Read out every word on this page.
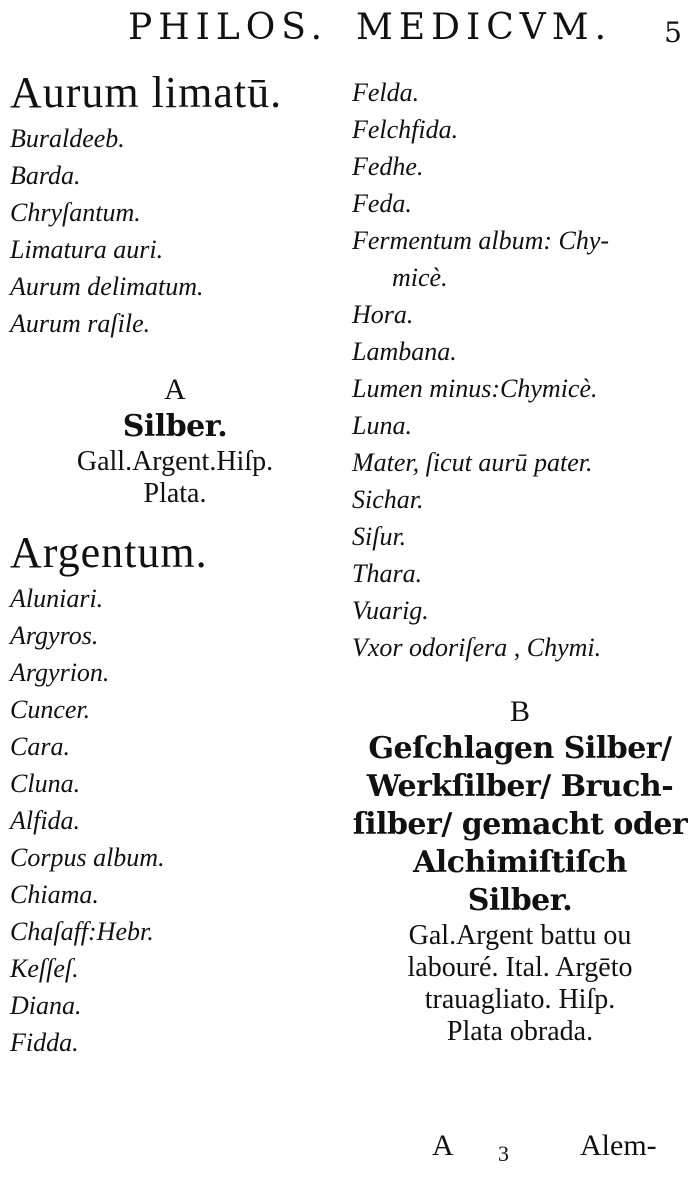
PHILOS. MEDICVM. 5
Aurum limatū.
Buraldeeb.
Barda.
Chryſantum.
Limatura auri.
Aurum delimatum.
Aurum raſile.
A
Silber.
Gall.Argent.Hiſp.
Plata.
Argentum.
Aluniari.
Argyros.
Argyrion.
Cuncer.
Cara.
Cluna.
Alfida.
Corpus album.
Chiama.
Chaſaff:Hebr.
Keſſeſ.
Diana.
Fidda.
Felda.
Felchfida.
Fedhe.
Feda.
Fermentum album: Chy-
micè.
Hora.
Lambana.
Lumen minus:Chymicè.
Luna.
Mater, ſicut aurū pater.
Sichar.
Siſur.
Thara.
Vuarig.
Vxor odoriſera , Chymi.
B
Geſchlagen Silber/
Werkſilber/ Bruch-
ſilber/ gemacht oder
Alchimiſtiſch
Silber.
Gal.Argent battu ou
labouré. Ital. Argēto
trauagliato. Hiſp.
Plata obrada.
A 3 Alem-
